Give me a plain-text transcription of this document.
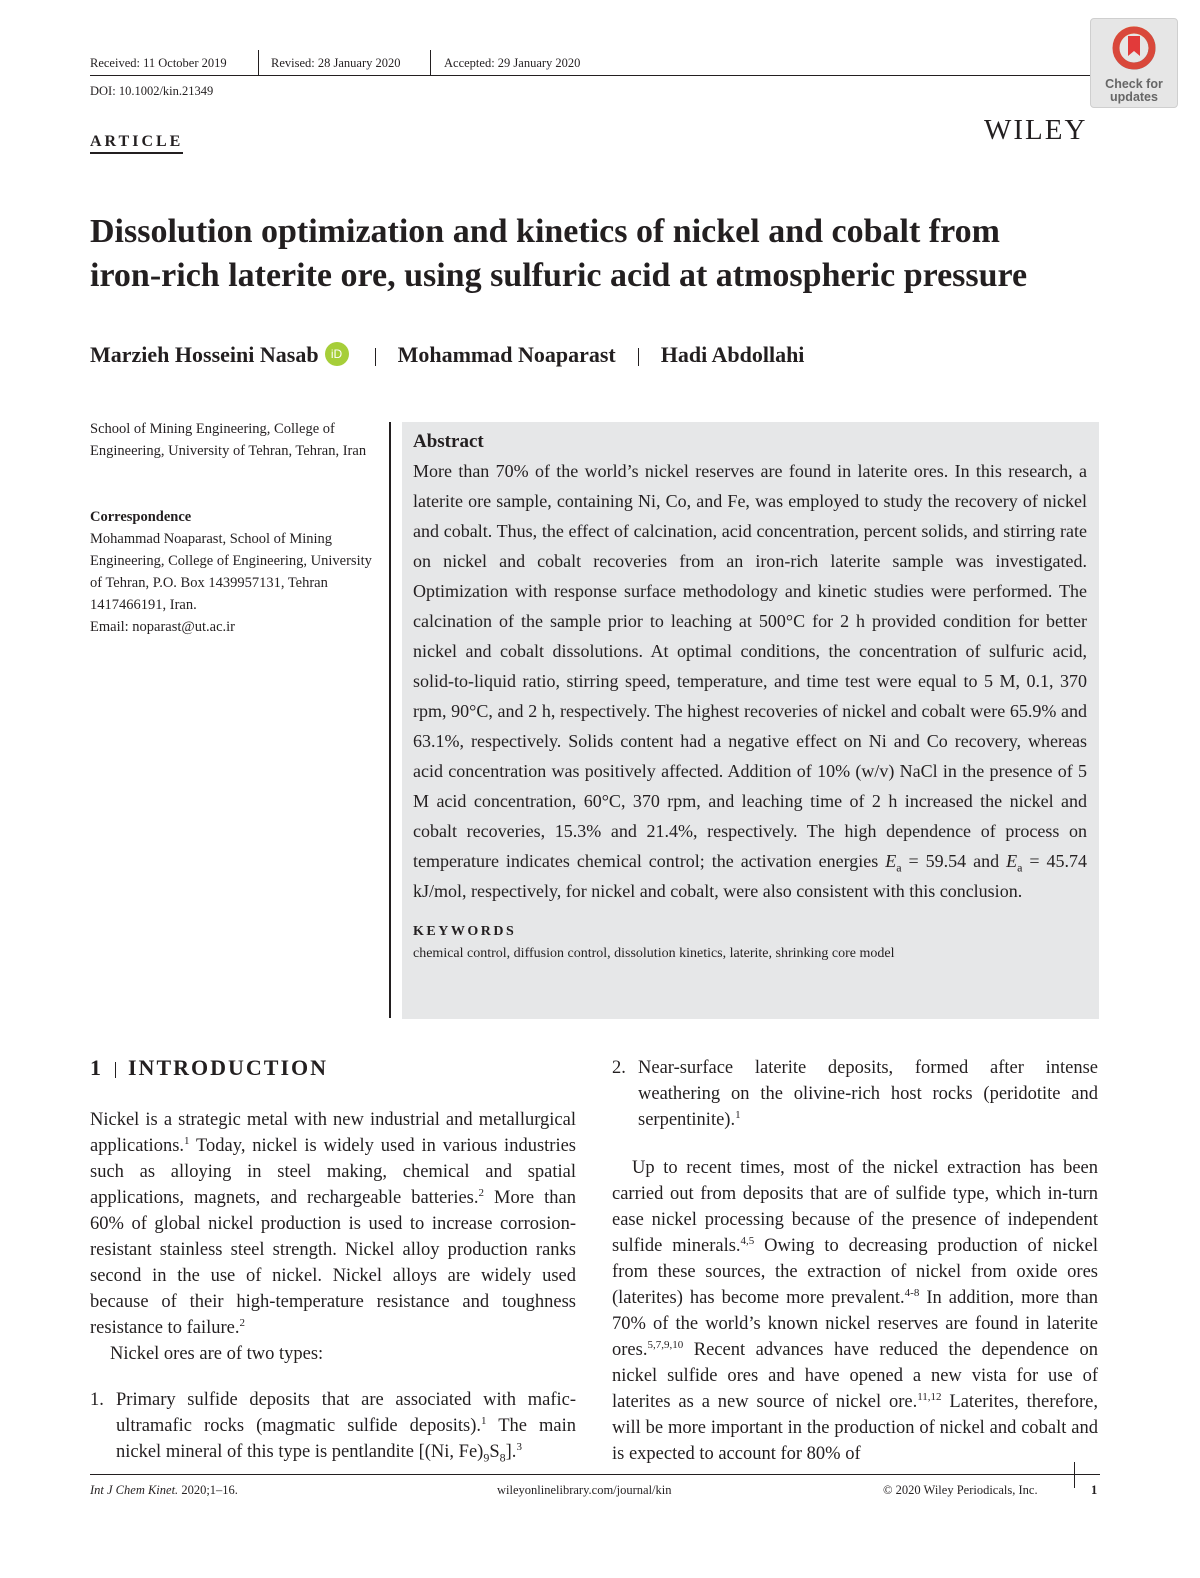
Received: 11 October 2019	Revised: 28 January 2020	Accepted: 29 January 2020
DOI: 10.1002/kin.21349
ARTICLE	WILEY
Check for
updates
Dissolution optimization and kinetics of nickel and cobalt from
iron-rich laterite ore, using sulfuric acid at atmospheric pressure
Marzieh Hosseini Nasab iD	Mohammad Noaparast Hadi Abdollahi
School of Mining Engineering, College of Engineering, University of Tehran, Tehran, Iran
Correspondence
Mohammad Noaparast, School of Mining Engineering, College of Engineering, University of Tehran, P.O. Box 1439957131, Tehran 1417466191, Iran.
Email: noparast@ut.ac.ir
Abstract
More than 70% of the world’s nickel reserves are found in laterite ores. In this research, a laterite ore sample, containing Ni, Co, and Fe, was employed to study the recovery of nickel and cobalt. Thus, the effect of calcination, acid concentration, percent solids, and stirring rate on nickel and cobalt recoveries from an iron-rich laterite sample was investigated. Optimization with response surface methodology and kinetic studies were performed. The calcination of the sample prior to leaching at 500°C for 2 h provided condition for better nickel and cobalt dissolutions. At optimal conditions, the concentration of sulfuric acid, solid-to-liquid ratio, stirring speed, temperature, and time test were equal to 5 M, 0.1, 370 rpm, 90°C, and 2 h, respectively. The highest recoveries of nickel and cobalt were 65.9% and 63.1%, respectively. Solids content had a negative effect on Ni and Co recovery, whereas acid concentration was positively affected. Addition of 10% (w/v) NaCl in the presence of 5 M acid concentration, 60°C, 370 rpm, and leaching time of 2 h increased the nickel and cobalt recoveries, 15.3% and 21.4%, respectively. The high dependence of process on temperature indicates chemical control; the activation energies $E_a = 59.54$ and $E_a = 45.74$ kJ/mol, respectively, for nickel and cobalt, were also consistent with this conclusion.
KEYWORDS
chemical control, diffusion control, dissolution kinetics, laterite, shrinking core model
1 INTRODUCTION
Nickel is a strategic metal with new industrial and metallurgical applications.$^1$ Today, nickel is widely used in various industries such as alloying in steel making, chemical and spatial applications, magnets, and rechargeable batteries.$^2$ More than 60% of global nickel production is used to increase corrosion-resistant stainless steel strength. Nickel alloy production ranks second in the use of nickel. Nickel alloys are widely used because of their high-temperature resistance and toughness resistance to failure.$^2$
Nickel ores are of two types:
1. Primary sulfide deposits that are associated with mafic-ultramafic rocks (magmatic sulfide deposits).$^1$ The main nickel mineral of this type is pentlandite [(Ni, $Fe)_9S_8].^3$
2. Near-surface laterite deposits, formed after intense weathering on the olivine-rich host rocks (peridotite and serpentinite).$^1$
Up to recent times, most of the nickel extraction has been carried out from deposits that are of sulfide type, which in-turn ease nickel processing because of the presence of independent sulfide minerals.$^{4,5}$ Owing to decreasing production of nickel from these sources, the extraction of nickel from oxide ores (laterites) has become more prevalent.$^{4-8}$ In addition, more than 70% of the world’s known nickel reserves are found in laterite ores.$^{5,7,9,10}$ Recent advances have reduced the dependence on nickel sulfide ores and have opened a new vista for use of laterites as a new source of nickel ore.$^{11,12}$ Laterites, therefore, will be more important in the production of nickel and cobalt and is expected to account for 80% of
Int J Chem Kinet. 2020;1–16.	wileyonlinelibrary.com/journal/kin	© 2020 Wiley Periodicals, Inc.	1
